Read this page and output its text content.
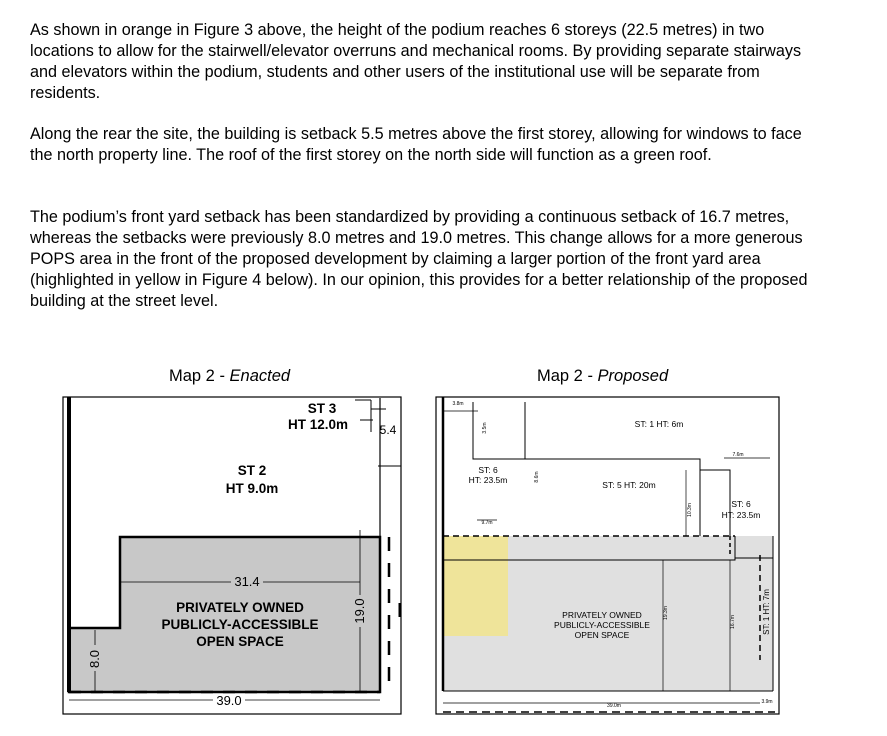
As shown in orange in Figure 3 above, the height of the podium reaches 6 storeys (22.5 metres) in two locations to allow for the stairwell/elevator overruns and mechanical rooms. By providing separate stairways and elevators within the podium, students and other users of the institutional use will be separate from residents.

Along the rear the site, the building is setback 5.5 metres above the first storey, allowing for windows to face the north property line. The roof of the first storey on the north side will function as a green roof.

The podium’s front yard setback has been standardized by providing a continuous setback of 16.7 metres, whereas the setbacks were previously 8.0 metres and 19.0 metres. This change allows for a more generous POPS area in the front of the proposed development by claiming a larger portion of the front yard area (highlighted in yellow in Figure 4 below). In our opinion, this provides for a better relationship of the proposed building at the street level.

Map 2 - Enacted	Map 2 - Proposed
ST 3
HT 12.0m	5.4
ST 2
HT 9.0m
31.4
PRIVATELY OWNED
PUBLICLY-ACCESSIBLE
OPEN SPACE
19.0
8.0
39.0
3.8m
3.5m	ST: 1 HT: 6m
ST: 6
HT: 23.5m	8.6m
ST: 5 HT: 20m
7.6m
ST: 6
HT: 23.5m
10.3m
9.7m
PRIVATELY OWNED
PUBLICLY-ACCESSIBLE
OPEN SPACE
19.3m
16.7m	ST: 1 HT: 7m
39.0m
3.9m
